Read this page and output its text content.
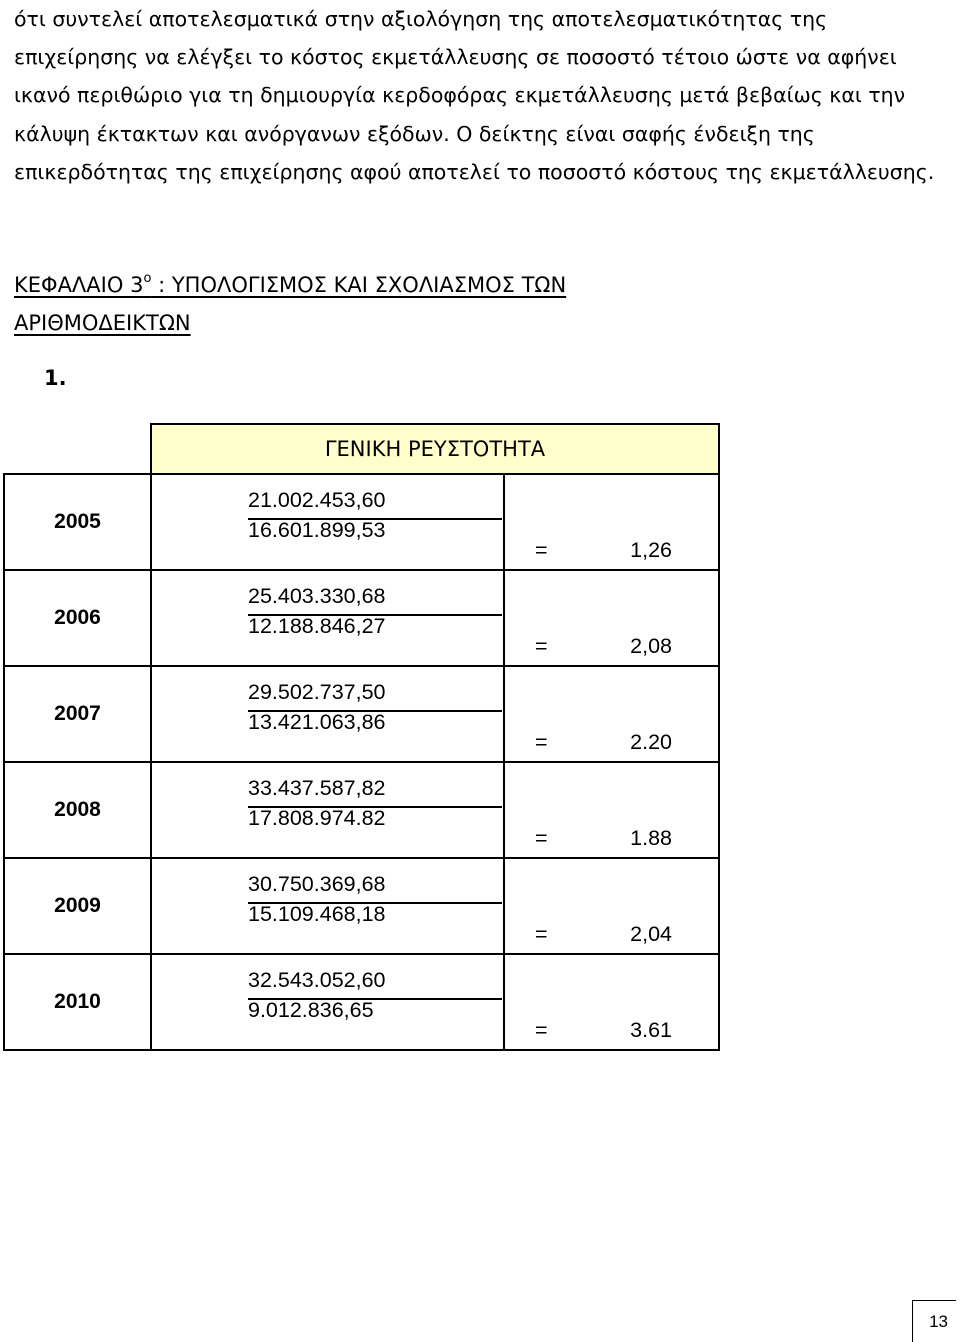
ότι συντελεί αποτελεσματικά στην αξιολόγηση της αποτελεσματικότητας της
επιχείρησης να ελέγξει το κόστος εκμετάλλευσης σε ποσοστό τέτοιο ώστε να αφήνει
ικανό περιθώριο για τη δημιουργία κερδοφόρας εκμετάλλευσης μετά βεβαίως και την
κάλυψη έκτακτων και ανόργανων εξόδων. Ο δείκτης είναι σαφής ένδειξη της
επικερδότητας της επιχείρησης αφού αποτελεί το ποσοστό κόστους της εκμετάλλευσης.
ΚΕΦΑΛΑΙΟ $3^o$ : ΥΠΟΛΟΓΙΣΜΟΣ ΚΑΙ ΣΧΟΛΙΑΣΜΟΣ ΤΩΝ
ΑΡΙΘΜΟΔΕΙΚΤΩΝ
1.
	ΓΕΝΙΚΗ ΡΕΥΣΤΟΤΗΤΑ	

2005	21.002.453,60
16.601.899,53	= 1,26

2006	25.403.330,68
12.188.846,27	= 2,08

2007	29.502.737,50
13.421.063,86	= 2.20

2008	33.437.587,82
17.808.974.82	= 1.88

2009	30.750.369,68
15.109.468,18	= 2,04

2010	32.543.052,60
9.012.836,65	= 3.61
13
